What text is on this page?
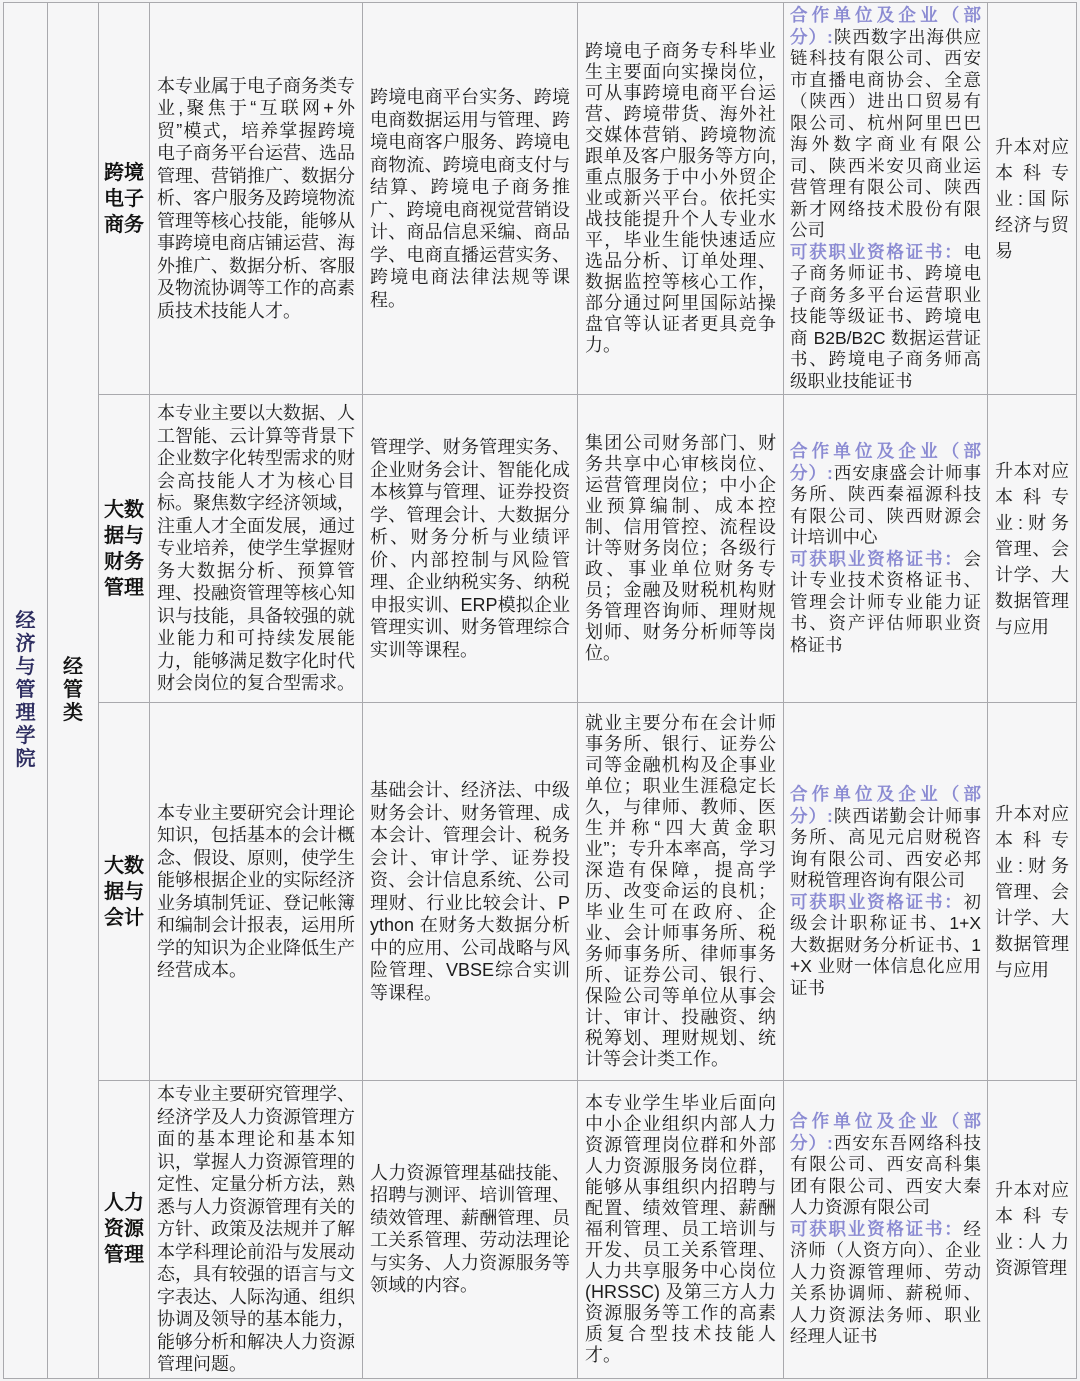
经济与管理学院	经管类	跨境电子商务	本专业属于电子商务类专业,聚焦于“互联网+外贸”模式，培养掌握跨境电子商务平台运营、选品管理、营销推广、数据分析、客户服务及跨境物流管理等核心技能，能够从事跨境电商店铺运营、海外推广、数据分析、客服及物流协调等工作的高素质技术技能人才。	跨境电商平台实务、跨境电商数据运用与管理、跨境电商客户服务、跨境电商物流、跨境电商支付与结算、跨境电子商务推广、跨境电商视觉营销设计、商品信息采编、商品学、电商直播运营实务、跨境电商法律法规等课程。	跨境电子商务专科毕业生主要面向实操岗位，可从事跨境电商平台运营、跨境带货、海外社交媒体营销、跨境物流跟单及客户服务等方向,重点服务于中小外贸企业或新兴平台。依托实战技能提升个人专业水平，毕业生能快速适应选品分析、订单处理、数据监控等核心工作，部分通过阿里国际站操盘官等认证者更具竞争力。	合作单位及企业（部分）:陕西数字出海供应链科技有限公司、西安市直播电商协会、全意（陕西）进出口贸易有限公司、杭州阿里巴巴海外数字商业有限公司、陕西米安贝商业运营管理有限公司、陕西新才网络技术股份有限公司

可获职业资格证书：电子商务师证书、跨境电子商务多平台运营职业技能等级证书、跨境电商 B2B/B2C 数据运营证书、跨境电子商务师高级职业技能证书	升本对应本科专业:国际经济与贸易

		大数据与财务管理	本专业主要以大数据、人工智能、云计算等背景下企业数字化转型需求的财会高技能人才为核心目标。聚焦数字经济领域，注重人才全面发展，通过专业培养，使学生掌握财务大数据分析、预算管理、投融资管理等核心知识与技能，具备较强的就业能力和可持续发展能力，能够满足数字化时代财会岗位的复合型需求。	管理学、财务管理实务、企业财务会计、智能化成本核算与管理、证券投资学、管理会计、大数据分析、财务分析与业绩评价、内部控制与风险管理、企业纳税实务、纳税申报实训、ERP模拟企业管理实训、财务管理综合实训等课程。	集团公司财务部门、财务共享中心审核岗位、运营管理岗位；中小企业预算编制、成本控制、信用管控、流程设计等财务岗位；各级行政、事业单位财务专员；金融及财税机构财务管理咨询师、理财规划师、财务分析师等岗位。	合作单位及企业（部分）:西安康盛会计师事务所、陕西秦福源科技有限公司、陕西财源会计培训中心

可获职业资格证书：会计专业技术资格证书、管理会计师专业能力证书、资产评估师职业资格证书	升本对应本科专业:财务管理、会计学、大数据管理与应用

		大数据与会计	本专业主要研究会计理论知识，包括基本的会计概念、假设、原则，使学生能够根据企业的实际经济业务填制凭证、登记帐簿和编制会计报表，运用所学的知识为企业降低生产经营成本。	基础会计、经济法、中级财务会计、财务管理、成本会计、管理会计、税务会计、审计学、证券投资、会计信息系统、公司理财、行业比较会计、Python 在财务大数据分析中的应用、公司战略与风险管理、VBSE综合实训等课程。	就业主要分布在会计师事务所、银行、证券公司等金融机构及企事业单位；职业生涯稳定长久，与律师、教师、医生并称“四大黄金职业”；专升本率高，学习深造有保障，提高学历、改变命运的良机；毕业生可在政府、企业、会计师事务所、税务师事务所、律师事务所、证券公司、银行、保险公司等单位从事会计、审计、投融资、纳税筹划、理财规划、统计等会计类工作。	合作单位及企业（部分）:陕西诺勤会计师事务所、高见元启财税咨询有限公司、西安必邦财税管理咨询有限公司

可获职业资格证书：初级会计职称证书、1+X 大数据财务分析证书、1+X 业财一体信息化应用证书	升本对应本科专业:财务管理、会计学、大数据管理与应用

		人力资源管理	本专业主要研究管理学、经济学及人力资源管理方面的基本理论和基本知识，掌握人力资源管理的定性、定量分析方法，熟悉与人力资源管理有关的方针、政策及法规并了解本学科理论前沿与发展动态，具有较强的语言与文字表达、人际沟通、组织协调及领导的基本能力，能够分析和解决人力资源管理问题。	人力资源管理基础技能、招聘与测评、培训管理、绩效管理、薪酬管理、员工关系管理、劳动法理论与实务、人力资源服务等领域的内容。	本专业学生毕业后面向中小企业组织内部人力资源管理岗位群和外部人力资源服务岗位群，能够从事组织内招聘与配置、绩效管理、薪酬福利管理、员工培训与开发、员工关系管理、人力共享服务中心岗位(HRSSC) 及第三方人力资源服务等工作的高素质复合型技术技能人才。	合作单位及企业（部分）:西安东吾网络科技有限公司、西安高科集团有限公司、西安大秦人力资源有限公司

可获职业资格证书：经济师（人资方向）、企业人力资源管理师、劳动关系协调师、薪税师、人力资源法务师、职业经理人证书	升本对应本科专业:人力资源管理
